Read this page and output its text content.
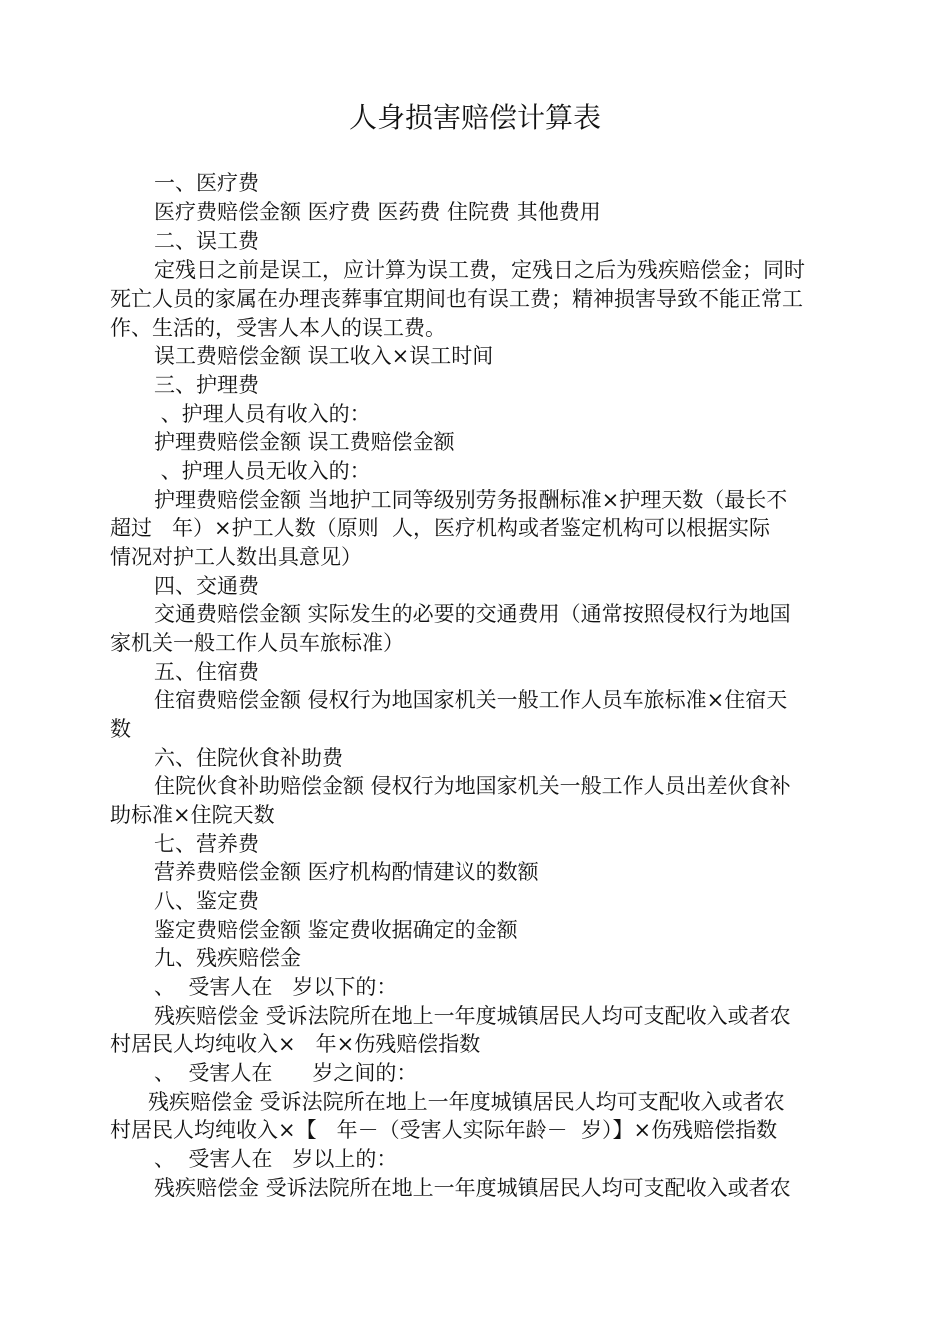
人身损害赔偿计算表
一、医疗费
医疗费赔偿金额 医疗费 医药费 住院费 其他费用
二、误工费
定残日之前是误工，应计算为误工费，定残日之后为残疾赔偿金；同时
死亡人员的家属在办理丧葬事宜期间也有误工费；精神损害导致不能正常工
作、生活的，受害人本人的误工费。
误工费赔偿金额 误工收入×误工时间
三、护理费
、护理人员有收入的：
护理费赔偿金额 误工费赔偿金额
、护理人员无收入的：
护理费赔偿金额 当地护工同等级别劳务报酬标准×护理天数（最长不
超过   年）×护工人数（原则  人，医疗机构或者鉴定机构可以根据实际
情况对护工人数出具意见）
四、交通费
交通费赔偿金额 实际发生的必要的交通费用（通常按照侵权行为地国
家机关一般工作人员车旅标准）
五、住宿费
住宿费赔偿金额 侵权行为地国家机关一般工作人员车旅标准×住宿天
数
六、住院伙食补助费
住院伙食补助赔偿金额 侵权行为地国家机关一般工作人员出差伙食补
助标准×住院天数
七、营养费
营养费赔偿金额 医疗机构酌情建议的数额
八、鉴定费
鉴定费赔偿金额 鉴定费收据确定的金额
九、残疾赔偿金
、  受害人在   岁以下的：
残疾赔偿金 受诉法院所在地上一年度城镇居民人均可支配收入或者农
村居民人均纯收入×   年×伤残赔偿指数
、  受害人在      岁之间的：
残疾赔偿金 受诉法院所在地上一年度城镇居民人均可支配收入或者农
村居民人均纯收入×【   年－（受害人实际年龄－  岁）】×伤残赔偿指数
、  受害人在   岁以上的：
残疾赔偿金 受诉法院所在地上一年度城镇居民人均可支配收入或者农
